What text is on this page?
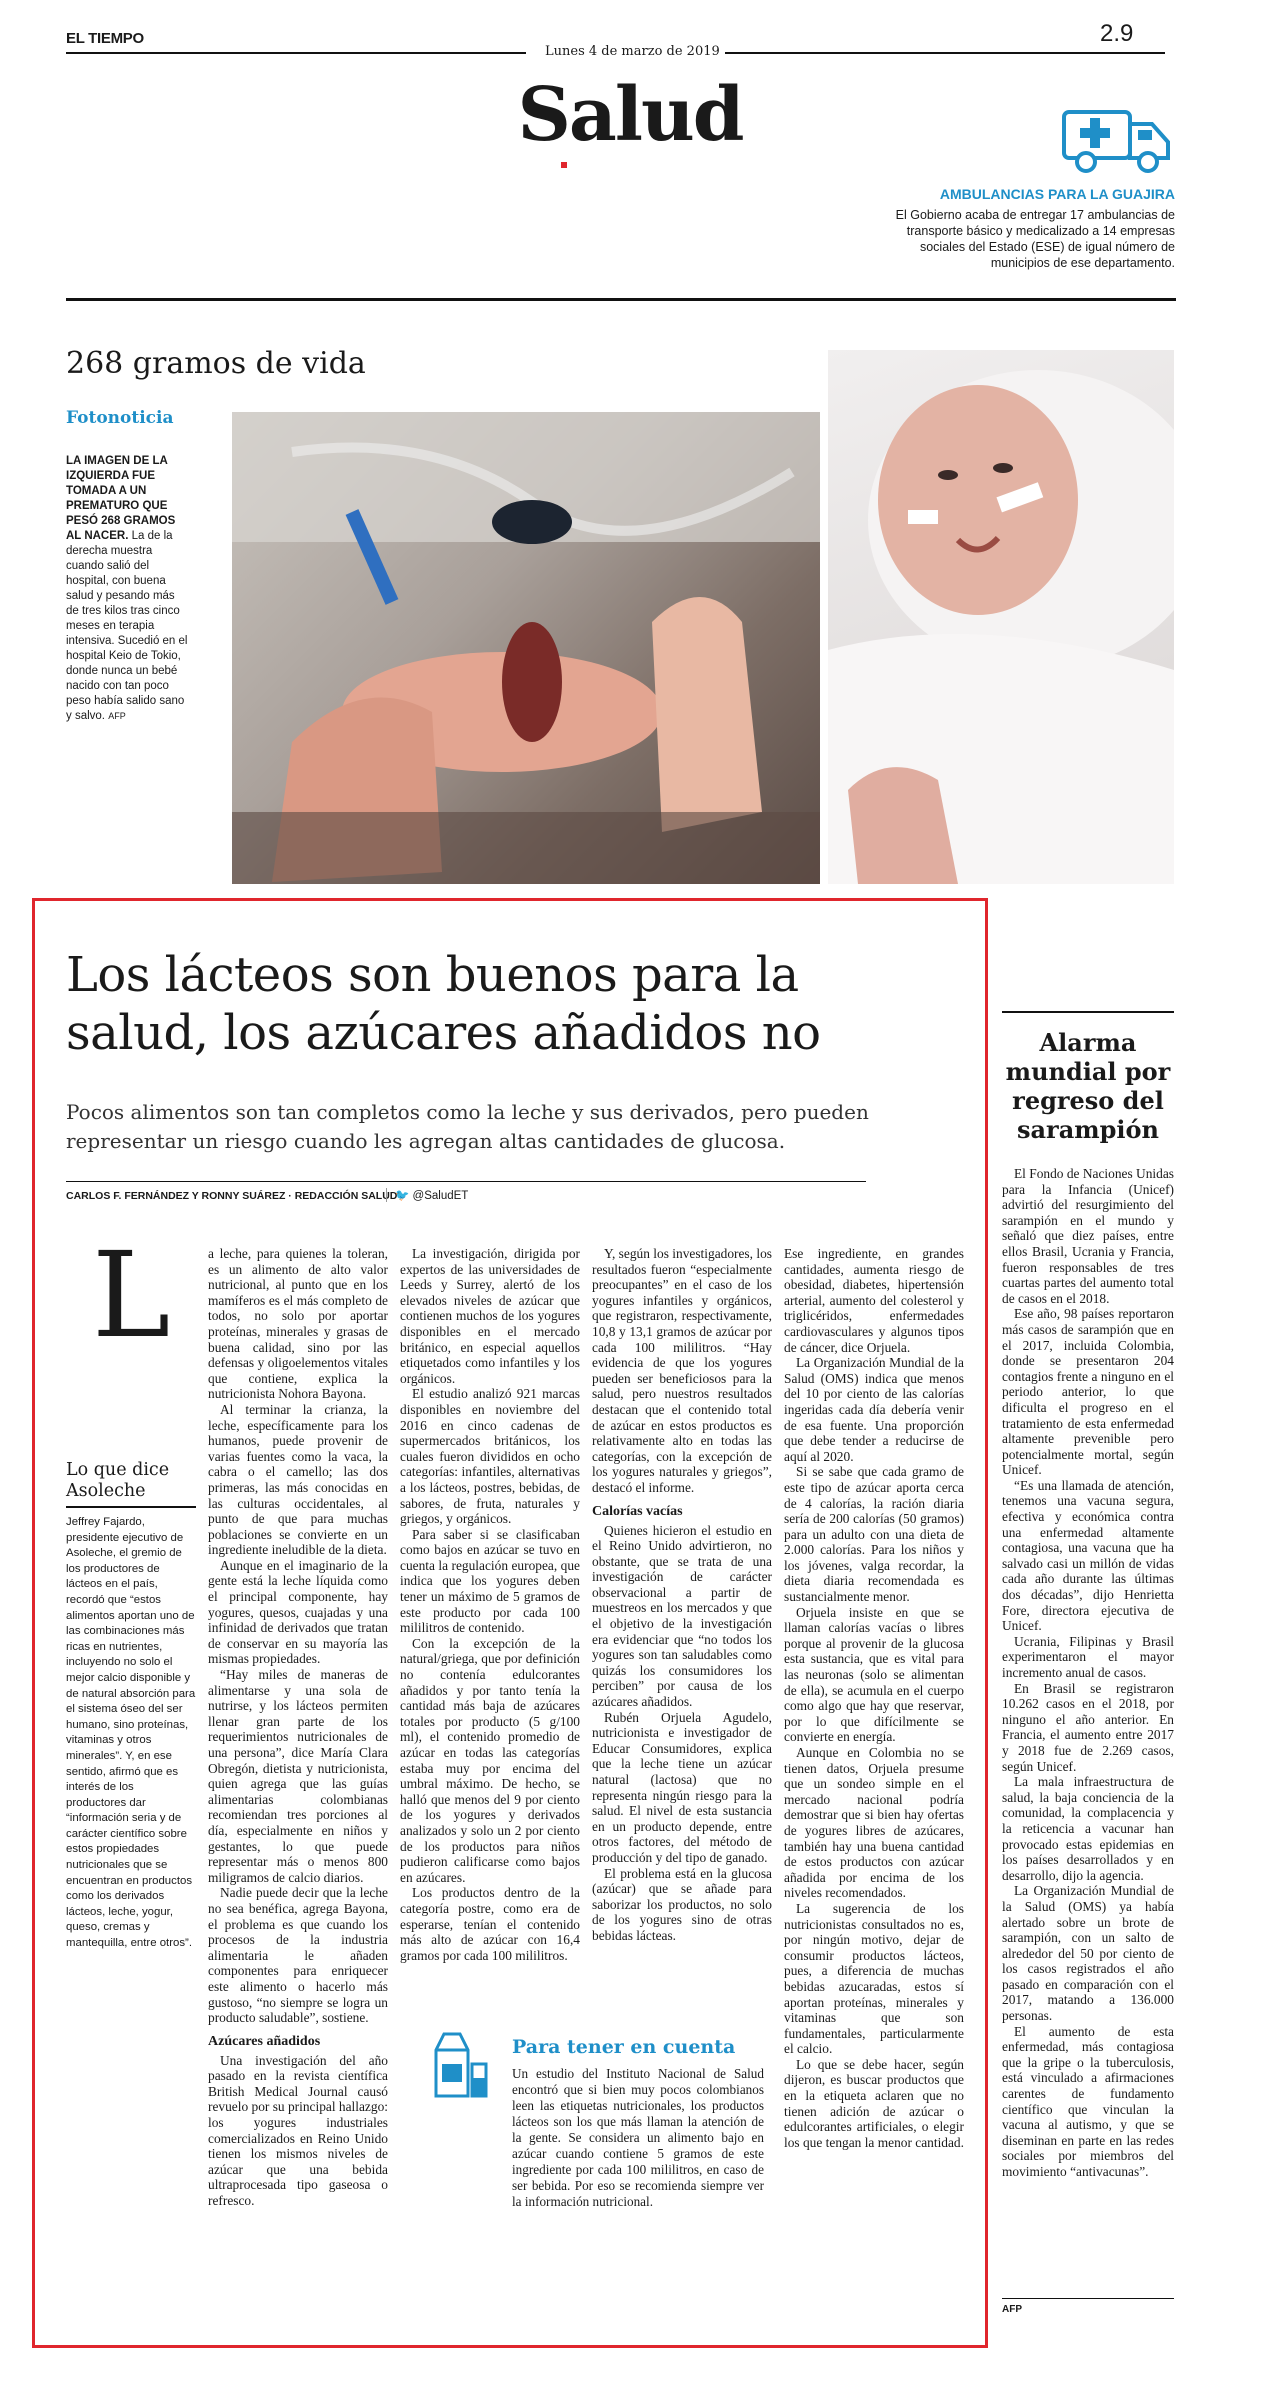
EL TIEMPO
Lunes 4 de marzo de 2019
2.9
Salud
AMBULANCIAS PARA LA GUAJIRA
El Gobierno acaba de entregar 17 ambulancias de transporte básico y medicalizado a 14 empresas sociales del Estado (ESE) de igual número de municipios de ese departamento.
268 gramos de vida
Fotonoticia
LA IMAGEN DE LA IZQUIERDA FUE TOMADA A UN PREMATURO QUE PESÓ 268 GRAMOS AL NACER. La de la derecha muestra cuando salió del hospital, con buena salud y pesando más de tres kilos tras cinco meses en terapia intensiva. Sucedió en el hospital Keio de Tokio, donde nunca un bebé nacido con tan poco peso había salido sano y salvo. AFP
Los lácteos son buenos para la salud, los azúcares añadidos no
Pocos alimentos son tan completos como la leche y sus derivados, pero pueden representar un riesgo cuando les agregan altas cantidades de glucosa.
CARLOS F. FERNÁNDEZ Y RONNY SUÁREZ · REDACCIÓN SALUD
🐦 @SaludET
L
Lo que dice Asoleche
Jeffrey Fajardo, presidente ejecutivo de Asoleche, el gremio de los productores de lácteos en el país, recordó que “estos alimentos aportan uno de las combinaciones más ricas en nutrientes, incluyendo no solo el mejor calcio disponible y de natural absorción para el sistema óseo del ser humano, sino proteínas, vitaminas y otros minerales”. Y, en ese sentido, afirmó que es interés de los productores dar “información seria y de carácter científico sobre estos propiedades nutricionales que se encuentran en productos como los derivados lácteos, leche, yogur, queso, cremas y mantequilla, entre otros”.

a leche, para quienes la toleran, es un alimento de alto valor nutricional, al punto que en los mamíferos es el más completo de todos, no solo por aportar proteínas, minerales y grasas de buena calidad, sino por las defensas y oligoelementos vitales que contiene, explica la nutricionista Nohora Bayona.

Al terminar la crianza, la leche, específicamente para los humanos, puede provenir de varias fuentes como la vaca, la cabra o el camello; las dos primeras, las más conocidas en las culturas occidentales, al punto de que para muchas poblaciones se convierte en un ingrediente ineludible de la dieta.

Aunque en el imaginario de la gente está la leche líquida como el principal componente, hay yogures, quesos, cuajadas y una infinidad de derivados que tratan de conservar en su mayoría las mismas propiedades.

“Hay miles de maneras de alimentarse y una sola de nutrirse, y los lácteos permiten llenar gran parte de los requerimientos nutricionales de una persona”, dice María Clara Obregón, dietista y nutricionista, quien agrega que las guías alimentarias colombianas recomiendan tres porciones al día, especialmente en niños y gestantes, lo que puede representar más o menos 800 miligramos de calcio diarios.

Nadie puede decir que la leche no sea benéfica, agrega Bayona, el problema es que cuando los procesos de la industria alimentaria le añaden componentes para enriquecer este alimento o hacerlo más gustoso, “no siempre se logra un producto saludable”, sostiene.

Azúcares añadidos

Una investigación del año pasado en la revista científica British Medical Journal causó revuelo por su principal hallazgo: los yogures industriales comercializados en Reino Unido tienen los mismos niveles de azúcar que una bebida ultraprocesada tipo gaseosa o refresco.

La investigación, dirigida por expertos de las universidades de Leeds y Surrey, alertó de los elevados niveles de azúcar que contienen muchos de los yogures disponibles en el mercado británico, en especial aquellos etiquetados como infantiles y los orgánicos.

El estudio analizó 921 marcas disponibles en noviembre del 2016 en cinco cadenas de supermercados británicos, los cuales fueron divididos en ocho categorías: infantiles, alternativas a los lácteos, postres, bebidas, de sabores, de fruta, naturales y griegos, y orgánicos.

Para saber si se clasificaban como bajos en azúcar se tuvo en cuenta la regulación europea, que indica que los yogures deben tener un máximo de 5 gramos de este producto por cada 100 mililitros de contenido.

Con la excepción de la natural/griega, que por definición no contenía edulcorantes añadidos y por tanto tenía la cantidad más baja de azúcares totales por producto (5 g/100 ml), el contenido promedio de azúcar en todas las categorías estaba muy por encima del umbral máximo. De hecho, se halló que menos del 9 por ciento de los yogures y derivados analizados y solo un 2 por ciento de los productos para niños pudieron calificarse como bajos en azúcares.

Los productos dentro de la categoría postre, como era de esperarse, tenían el contenido más alto de azúcar con 16,4 gramos por cada 100 mililitros.

Y, según los investigadores, los resultados fueron “especialmente preocupantes” en el caso de los yogures infantiles y orgánicos, que registraron, respectivamente, 10,8 y 13,1 gramos de azúcar por cada 100 mililitros. “Hay evidencia de que los yogures pueden ser beneficiosos para la salud, pero nuestros resultados destacan que el contenido total de azúcar en estos productos es relativamente alto en todas las categorías, con la excepción de los yogures naturales y griegos”, destacó el informe.

Calorías vacías

Quienes hicieron el estudio en el Reino Unido advirtieron, no obstante, que se trata de una investigación de carácter observacional a partir de muestreos en los mercados y que el objetivo de la investigación era evidenciar que “no todos los yogures son tan saludables como quizás los consumidores los perciben” por causa de los azúcares añadidos.

Rubén Orjuela Agudelo, nutricionista e investigador de Educar Consumidores, explica que la leche tiene un azúcar natural (lactosa) que no representa ningún riesgo para la salud. El nivel de esta sustancia en un producto depende, entre otros factores, del método de producción y del tipo de ganado.

El problema está en la glucosa (azúcar) que se añade para saborizar los productos, no solo de los yogures sino de otras bebidas lácteas.

Ese ingrediente, en grandes cantidades, aumenta riesgo de obesidad, diabetes, hipertensión arterial, aumento del colesterol y triglicéridos, enfermedades cardiovasculares y algunos tipos de cáncer, dice Orjuela.

La Organización Mundial de la Salud (OMS) indica que menos del 10 por ciento de las calorías ingeridas cada día debería venir de esa fuente. Una proporción que debe tender a reducirse de aquí al 2020.

Si se sabe que cada gramo de este tipo de azúcar aporta cerca de 4 calorías, la ración diaria sería de 200 calorías (50 gramos) para un adulto con una dieta de 2.000 calorías. Para los niños y los jóvenes, valga recordar, la dieta diaria recomendada es sustancialmente menor.

Orjuela insiste en que se llaman calorías vacías o libres porque al provenir de la glucosa esta sustancia, que es vital para las neuronas (solo se alimentan de ella), se acumula en el cuerpo como algo que hay que reservar, por lo que difícilmente se convierte en energía.

Aunque en Colombia no se tienen datos, Orjuela presume que un sondeo simple en el mercado nacional podría demostrar que si bien hay ofertas de yogures libres de azúcares, también hay una buena cantidad de estos productos con azúcar añadida por encima de los niveles recomendados.

La sugerencia de los nutricionistas consultados no es, por ningún motivo, dejar de consumir productos lácteos, pues, a diferencia de muchas bebidas azucaradas, estos sí aportan proteínas, minerales y vitaminas que son fundamentales, particularmente el calcio.

Lo que se debe hacer, según dijeron, es buscar productos que en la etiqueta aclaren que no tienen adición de azúcar o edulcorantes artificiales, o elegir los que tengan la menor cantidad.

Para tener en cuenta

Un estudio del Instituto Nacional de Salud encontró que si bien muy pocos colombianos leen las etiquetas nutricionales, los productos lácteos son los que más llaman la atención de la gente. Se considera un alimento bajo en azúcar cuando contiene 5 gramos de este ingrediente por cada 100 mililitros, en caso de ser bebida. Por eso se recomienda siempre ver la información nutricional.

Alarma mundial por regreso del sarampión

El Fondo de Naciones Unidas para la Infancia (Unicef) advirtió del resurgimiento del sarampión en el mundo y señaló que diez países, entre ellos Brasil, Ucrania y Francia, fueron responsables de tres cuartas partes del aumento total de casos en el 2018.

Ese año, 98 países reportaron más casos de sarampión que en el 2017, incluida Colombia, donde se presentaron 204 contagios frente a ninguno en el periodo anterior, lo que dificulta el progreso en el tratamiento de esta enfermedad altamente prevenible pero potencialmente mortal, según Unicef.

“Es una llamada de atención, tenemos una vacuna segura, efectiva y económica contra una enfermedad altamente contagiosa, una vacuna que ha salvado casi un millón de vidas cada año durante las últimas dos décadas”, dijo Henrietta Fore, directora ejecutiva de Unicef.

Ucrania, Filipinas y Brasil experimentaron el mayor incremento anual de casos.

En Brasil se registraron 10.262 casos en el 2018, por ninguno el año anterior. En Francia, el aumento entre 2017 y 2018 fue de 2.269 casos, según Unicef.

La mala infraestructura de salud, la baja conciencia de la comunidad, la complacencia y la reticencia a vacunar han provocado estas epidemias en los países desarrollados y en desarrollo, dijo la agencia.

La Organización Mundial de la Salud (OMS) ya había alertado sobre un brote de sarampión, con un salto de alrededor del 50 por ciento de los casos registrados el año pasado en comparación con el 2017, matando a 136.000 personas.

El aumento de esta enfermedad, más contagiosa que la gripe o la tuberculosis, está vinculado a afirmaciones carentes de fundamento científico que vinculan la vacuna al autismo, y que se diseminan en parte en las redes sociales por miembros del movimiento “antivacunas”.

AFP
